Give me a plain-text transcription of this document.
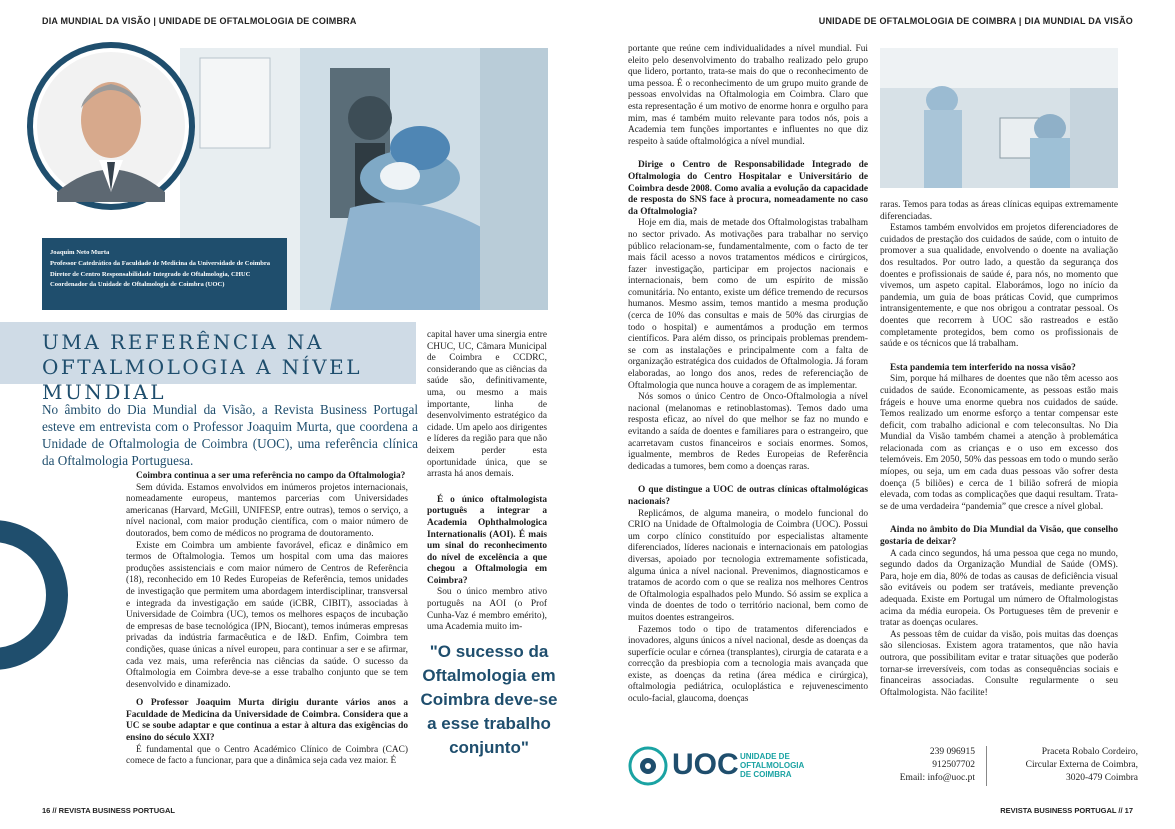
DIA MUNDIAL DA VISÃO | UNIDADE DE OFTALMOLOGIA DE COIMBRA	UNIDADE DE OFTALMOLOGIA DE COIMBRA | DIA MUNDIAL DA VISÃO
Joaquim Neto Murta
Professor Catedrático da Faculdade de Medicina da Universidade de Coimbra
Diretor de Centro Responsabilidade Integrado de Oftalmologia, CHUC
Coordenador da Unidade de Oftalmologia de Coimbra (UOC)
UMA REFERÊNCIA NA
OFTALMOLOGIA A NÍVEL MUNDIAL
No âmbito do Dia Mundial da Visão, a Revista Business Portugal esteve em entrevista com o Professor Joaquim Murta, que coordena a Unidade de Oftalmologia de Coimbra (UOC), uma referência clínica da Oftalmologia Portuguesa.

Coimbra continua a ser uma referência no campo da Oftalmologia?

Sem dúvida. Estamos envolvidos em inúmeros projetos internacionais, nomeadamente europeus, mantemos parcerias com Universidades americanas (Harvard, McGill, UNIFESP, entre outras), temos o serviço, a nível nacional, com maior produção científica, com o maior número de doutorados, bem como de médicos no programa de doutoramento.

Existe em Coimbra um ambiente favorável, eficaz e dinâmico em termos de Oftalmologia. Temos um hospital com uma das maiores produções assistenciais e com maior número de Centros de Referência (18), reconhecido em 10 Redes Europeias de Referência, temos unidades de investigação que permitem uma abordagem interdisciplinar, transversal e integrada da investigação em saúde (iCBR, CIBIT), associadas à Universidade de Coimbra (UC), temos os melhores espaços de incubação de empresas de base tecnológica (IPN, Biocant), temos inúmeras empresas privadas da indústria farmacêutica e de I&D. Enfim, Coimbra tem condições, quase únicas a nível europeu, para continuar a ser e se afirmar, cada vez mais, uma referência nas ciências da saúde. O sucesso da Oftalmologia em Coimbra deve-se a esse trabalho conjunto que se tem desenvolvido e dinamizado.

O Professor Joaquim Murta dirigiu durante vários anos a Faculdade de Medicina da Universidade de Coimbra. Considera que a UC se soube adaptar e que continua a estar à altura das exigências do ensino do século XXI?

É fundamental que o Centro Académico Clínico de Coimbra (CAC) comece de facto a funcionar, para que a dinâmica seja cada vez maior. É

capital haver uma sinergia entre CHUC, UC, Câmara Municipal de Coimbra e CCDRC, considerando que as ciências da saúde são, definitivamente, uma, ou mesmo a mais importante, linha de desenvolvimento estratégico da cidade. Um apelo aos dirigentes e líderes da região para que não deixem perder esta oportunidade única, que se arrasta há anos demais.

É o único oftalmologista português a integrar a Academia Ophthalmologica Internationalis (AOI). É mais um sinal do reconhecimento do nível de excelência a que chegou a Oftalmologia em Coimbra?

Sou o único membro ativo português na AOI (o Prof Cunha-Vaz é membro emérito), uma Academia muito im-

"O sucesso da Oftalmologia em Coimbra deve-se a esse trabalho conjunto"
16 // REVISTA BUSINESS PORTUGAL	REVISTA BUSINESS PORTUGAL // 17

portante que reúne cem individualidades a nível mundial. Fui eleito pelo desenvolvimento do trabalho realizado pelo grupo que lidero, portanto, trata-se mais do que o reconhecimento de uma pessoa. É o reconhecimento de um grupo muito grande de pessoas envolvidas na Oftalmologia em Coimbra. Claro que esta representação é um motivo de enorme honra e orgulho para mim, mas é também muito relevante para todos nós, pois a Academia tem funções importantes e influentes no que diz respeito à saúde oftalmológica a nível mundial.

Dirige o Centro de Responsabilidade Integrado de Oftalmologia do Centro Hospitalar e Universitário de Coimbra desde 2008. Como avalia a evolução da capacidade de resposta do SNS face à procura, nomeadamente no caso da Oftalmologia?

Hoje em dia, mais de metade dos Oftalmologistas trabalham no sector privado. As motivações para trabalhar no serviço público relacionam-se, fundamentalmente, com o facto de ter mais fácil acesso a novos tratamentos médicos e cirúrgicos, fazer investigação, participar em projectos nacionais e internacionais, bem como de um espírito de missão comunitária. No entanto, existe um défice tremendo de recursos humanos. Mesmo assim, temos mantido a mesma produção (cerca de 10% das consultas e mais de 50% das cirurgias de todo o hospital) e aumentámos a produção em termos científicos. Para além disso, os principais problemas prendem-se com as instalações e principalmente com a falta de organização estratégica dos cuidados de Oftalmologia. Já foram elaboradas, ao longo dos anos, redes de referenciação de Oftalmologia que nunca houve a coragem de as implementar.

Nós somos o único Centro de Onco-Oftalmologia a nível nacional (melanomas e retinoblastomas). Temos dado uma resposta eficaz, ao nível do que melhor se faz no mundo e evitando a saída de doentes e familiares para o estrangeiro, que acarretavam custos financeiros e sociais enormes. Somos, igualmente, membros de Redes Europeias de Referência dedicadas a tumores, bem como a doenças raras.

O que distingue a UOC de outras clínicas oftalmológicas nacionais?

Replicámos, de alguma maneira, o modelo funcional do CRIO na Unidade de Oftalmologia de Coimbra (UOC). Possui um corpo clínico constituído por especialistas altamente diferenciados, líderes nacionais e internacionais em patologias diversas, apoiado por tecnologia extremamente sofisticada, alguma única a nível nacional. Prevenimos, diagnosticamos e tratamos de acordo com o que se realiza nos melhores Centros de Oftalmologia espalhados pelo Mundo. Só assim se explica a vinda de doentes de todo o território nacional, bem como de muitos doentes estrangeiros.

Fazemos todo o tipo de tratamentos diferenciados e inovadores, alguns únicos a nível nacional, desde as doenças da superfície ocular e córnea (transplantes), cirurgia de catarata e a correcção da presbiopia com a tecnologia mais avançada que existe, as doenças da retina (área médica e cirúrgica), oftalmologia pediátrica, oculoplástica e rejuvenescimento oculo-facial, glaucoma, doenças

raras. Temos para todas as áreas clínicas equipas extremamente diferenciadas.

Estamos também envolvidos em projetos diferenciadores de cuidados de prestação dos cuidados de saúde, com o intuito de promover a sua qualidade, envolvendo o doente na avaliação dos resultados. Por outro lado, a questão da segurança dos doentes e profissionais de saúde é, para nós, no momento que vivemos, um aspeto capital. Elaborámos, logo no início da pandemia, um guia de boas práticas Covid, que cumprimos intransigentemente, e que nos obrigou a contratar pessoal. Os doentes que recorrem à UOC são rastreados e estão completamente protegidos, bem como os profissionais de saúde e os técnicos que lá trabalham.

Esta pandemia tem interferido na nossa visão?

Sim, porque há milhares de doentes que não têm acesso aos cuidados de saúde. Economicamente, as pessoas estão mais frágeis e houve uma enorme quebra nos cuidados de saúde. Temos realizado um enorme esforço a tentar compensar este deficit, com trabalho adicional e com teleconsultas. No Dia Mundial da Visão também chamei a atenção à problemática relacionada com as crianças e o uso em excesso dos telemóveis. Em 2050, 50% das pessoas em todo o mundo serão míopes, ou seja, um em cada duas pessoas vão sofrer desta doença (5 biliões) e cerca de 1 bilião sofrerá de miopia elevada, com todas as complicações que daqui resultam. Trata-se de uma verdadeira “pandemia” que cresce a nível global.

Ainda no âmbito do Dia Mundial da Visão, que conselho gostaria de deixar?

A cada cinco segundos, há uma pessoa que cega no mundo, segundo dados da Organização Mundial de Saúde (OMS). Para, hoje em dia, 80% de todas as causas de deficiência visual são evitáveis ou podem ser tratáveis, mediante prevenção adequada. Existe em Portugal um número de Oftalmologistas acima da média europeia. Os Portugueses têm de prevenir e tratar as doenças oculares.

As pessoas têm de cuidar da visão, pois muitas das doenças são silenciosas. Existem agora tratamentos, que não havia outrora, que possibilitam evitar e tratar situações que poderão tornar-se irreversíveis, com todas as consequências sociais e financeiras associadas. Consulte regularmente o seu Oftalmologista. Não facilite!

UOC UNIDADE DE
OFTALMOLOGIA
DE COIMBRA
239 096915
912507702
Email: info@uoc.pt
Praceta Robalo Cordeiro,
Circular Externa de Coimbra,
3020-479 Coimbra
